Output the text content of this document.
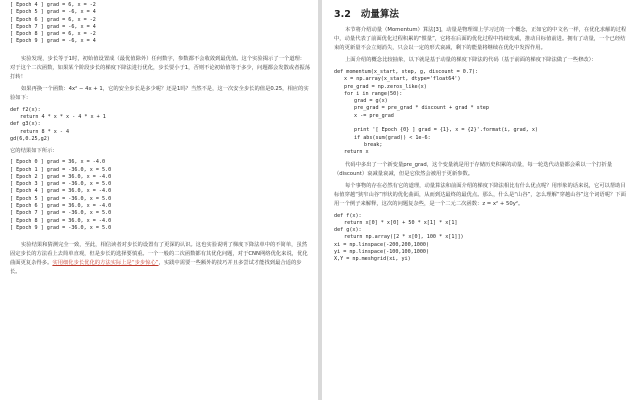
[ Epoch 4 ] grad = 6, x = -2
[ Epoch 5 ] grad = -6, x = 4
[ Epoch 6 ] grad = 6, x = -2
[ Epoch 7 ] grad = -6, x = 4
[ Epoch 8 ] grad = 6, x = -2
[ Epoch 9 ] grad = -6, x = 4

实验发现，步长等于1时，初始值设置成（最优值除外）任何数字，参数都不会收敛到最优值。这个实验揭示了一个道理：对于这个二次函数，如果某个阶段步长的梯度下降法进行优化，步长要小于1，否则不论初始值等于多少，问题都会发散或者振荡打转！

如果再换一个函数：4x² − 4x + 1，它的安全步长是多少呢？还是1吗？当然不是，这一次安全步长的值是0.25，相应的实验如下：

def f2(x):
return 4 * x * x - 4 * x + 1
def g3(x):
return 8 * x - 4
gd(6,0.25,g2)

它的结果如下所示：

[ Epoch 0 ] grad = 36, x = -4.0
[ Epoch 1 ] grad = -36.0, x = 5.0
[ Epoch 2 ] grad = 36.0, x = -4.0
[ Epoch 3 ] grad = -36.0, x = 5.0
[ Epoch 4 ] grad = 36.0, x = -4.0
[ Epoch 5 ] grad = -36.0, x = 5.0
[ Epoch 6 ] grad = 36.0, x = -4.0
[ Epoch 7 ] grad = -36.0, x = 5.0
[ Epoch 8 ] grad = 36.0, x = -4.0
[ Epoch 9 ] grad = -36.0, x = 5.0

实验结果和猜测完全一致，至此，相信读者对步长的设置有了更深的认识。这也实验说明了梯度下降法单中的不简单，虽然固定步长的方法看上去简单直观，但是步长的选择要慎重。一个一般的二次函数都有其优化问题，对于CNN网络优化来说，优化曲面更复杂得多。实用细化步长优化的方法实际上是“步步惊心”，实践中需要一些额外的技巧并且多尝试才能找到最合适的步长。

3.2 动量算法

本节将介绍动量（Momentum）算法[3]，动量是物理课上学习过的一个概念，正如它的中文名一样，在优化求解的过程中，动量代表了前面优化过程积累的“惯量”，它将在后面的优化过程中持续发威，推动目标值前进。拥有了动量，一个已经结束的更新量不会立刻消失，只会以一定的形式衰减，剩下的能量将继续在优化中发挥作用。

上面介绍的概念比较抽象，以下就是基于动量的梯度下降法的代码（基于前面的梯度下降法做了一些修改）：

def momentum(x_start, step, g, discount = 0.7):
x = np.array(x_start, dtype='float64')
pre_grad = np.zeros_like(x)
for i in range(50):
grad = g(x)
pre_grad = pre_grad * discount + grad * step
x -= pre_grad

print '[ Epoch {0} ] grad = {1}, x = {2}'.format(i, grad, x)
if abs(sum(grad)) < 1e-6:
break;
return x

代码中多出了一个新变量pre_grad，这个变量就是用于存储历史积累的动量，每一轮迭代动量都会乘以一个打折量（discount）衰减量衰减，但是它依然会被用于更新参数。

每个事物的存在必然有它的道理，动量算法和前面介绍的梯度下降法相比有什么优点呢？用形象的话来说，它可以帮助目标值穿越“狭窄山谷”形状的优化曲面，从而到达最终的最优点。那么，什么是“山谷”，怎么理解“穿越山谷”这个词语呢？下面用一个例子来解释，这次的问题复杂些，是一个二元二次函数：z = x² + 50y²。

def f(x):
return x[0] * x[0] + 50 * x[1] * x[1]
def g(x):
return np.array([2 * x[0], 100 * x[1]])
xi = np.linspace(-200,200,1000)
yi = np.linspace(-100,100,1000)
X,Y = np.meshgrid(xi, yi)
